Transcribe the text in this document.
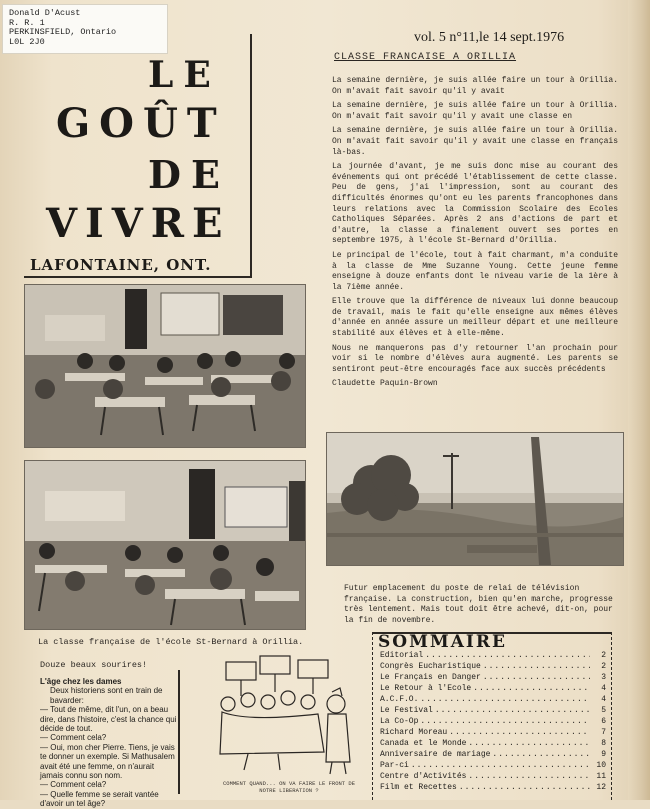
Donald D'Acust
R. R. 1
PERKINSFIELD, Ontario
L0L 2J0
LE
GOÛT
DE
VIVRE
LAFONTAINE, ONT.
vol. 5 n°11,le 14 sept.1976
CLASSE FRANCAISE A ORILLIA

La semaine dernière, je suis allée faire un tour à Orillia. On m'avait fait savoir qu'il y avait

La semaine dernière, je suis allée faire un tour à Orillia. On m'avait fait savoir qu'il y avait une classe en

La semaine dernière, je suis allée faire un tour à Orillia. On m'avait fait savoir qu'il y avait une classe en français là-bas.

La journée d'avant, je me suis donc mise au courant des événements qui ont précédé l'établissement de cette classe. Peu de gens, j'ai l'impression, sont au courant des difficultés énormes qu'ont eu les parents francophones dans leurs relations avec la Commission Scolaire des Ecoles Catholiques Séparées. Après 2 ans d'actions de part et d'autre, la classe a finalement ouvert ses portes en septembre 1975, à l'école St-Bernard d'Orillia.

Le principal de l'école, tout à fait charmant, m'a conduite à la classe de Mme Suzanne Young. Cette jeune femme enseigne à douze enfants dont le niveau varie de la 1ère à la 7ième année.

Elle trouve que la différence de niveaux lui donne beaucoup de travail, mais le fait qu'elle enseigne aux mêmes élèves d'année en année assure un meilleur départ et une meilleure stabilité aux élèves et à elle-même.

Nous ne manquerons pas d'y retourner l'an prochain pour voir si le nombre d'élèves aura augmenté. Les parents se sentiront peut-être encouragés face aux succès précédents

Claudette Paquin-Brown

Futur emplacement du poste de relai de télévision française. La construction, bien qu'en marche, progresse très lentement. Mais tout doit être achevé, dit-on, pour la fin de novembre.
La classe française de l'école St-Bernard à Orillia.
Douze beaux sourires!
L'âge chez les dames
Deux historiens sont en train de bavarder:
— Tout de même, dit l'un, on a beau dire, dans l'histoire, c'est la chance qui décide de tout.
— Comment cela?
— Oui, mon cher Pierre. Tiens, je vais te donner un exemple. Si Mathusalem avait été une femme, on n'aurait jamais connu son nom.
— Comment cela?
— Quelle femme se serait vantée d'avoir un tel âge?
COMMENT QUAND... ON VA FAIRE LE FRONT DE NOTRE LIBERATION ?
SOMMAIRE
Editorial .....	2
Congrès Eucharistique .....	2
Le Français en Danger .....	3
Le Retour à l'Ecole .....	4
A.C.F.O. .....	4
Le Festival .....	5
La Co-Op .....	6
Richard Moreau .....	7
Canada et le Monde .....	8
Anniversaire de mariage .....	9
Par-ci .....	10
Centre d'Activités .....	11
Film et Recettes .....	12
